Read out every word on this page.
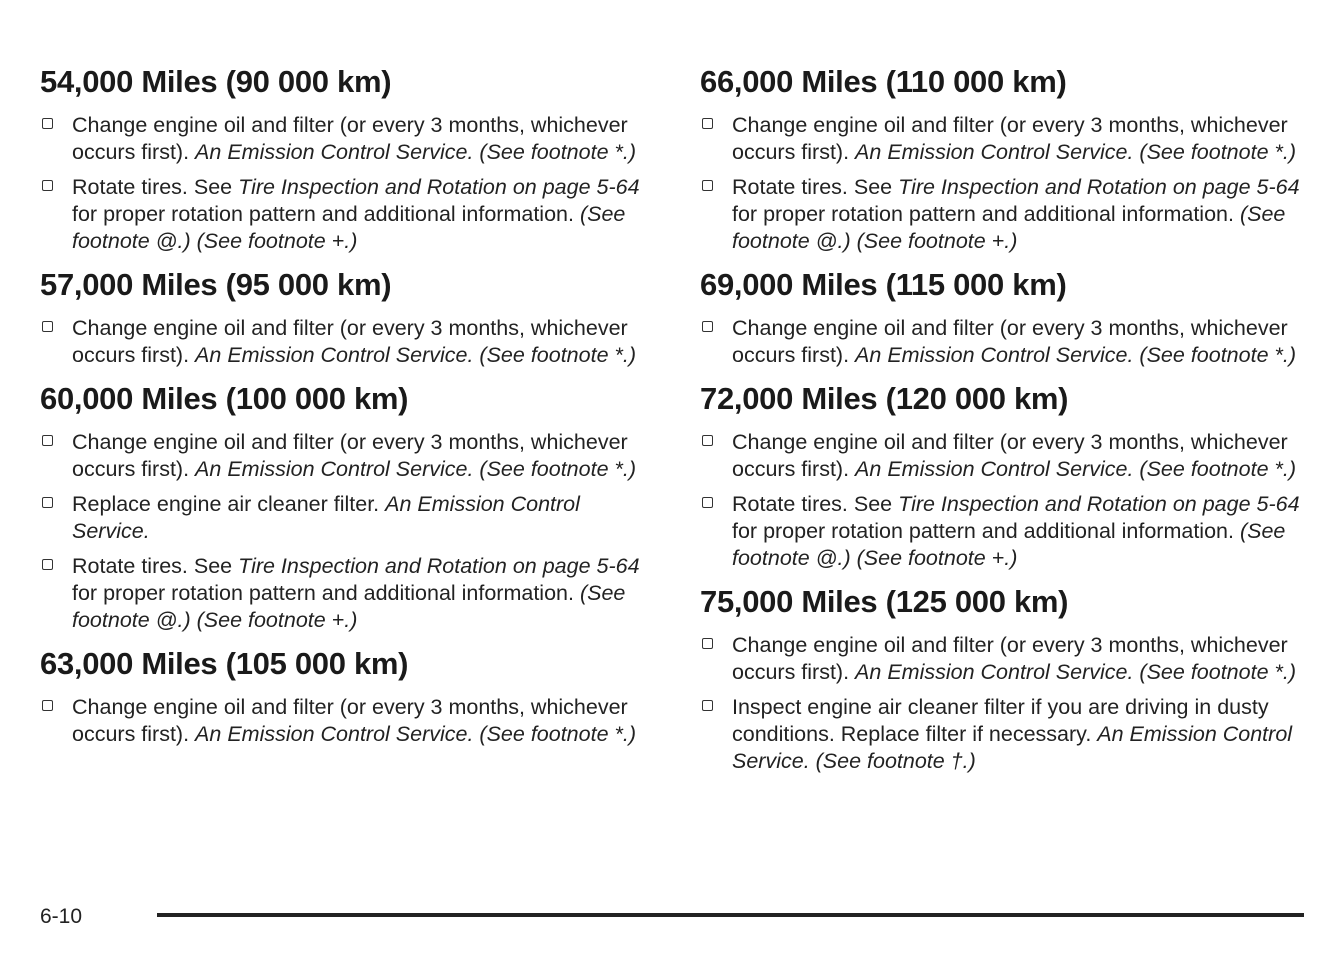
54,000 Miles (90 000 km)
Change engine oil and filter (or every 3 months, whichever occurs first). An Emission Control Service. (See footnote *.)
Rotate tires. See Tire Inspection and Rotation on page 5-64 for proper rotation pattern and additional information. (See footnote @.) (See footnote +.)
57,000 Miles (95 000 km)
Change engine oil and filter (or every 3 months, whichever occurs first). An Emission Control Service. (See footnote *.)
60,000 Miles (100 000 km)
Change engine oil and filter (or every 3 months, whichever occurs first). An Emission Control Service. (See footnote *.)
Replace engine air cleaner filter. An Emission Control Service.
Rotate tires. See Tire Inspection and Rotation on page 5-64 for proper rotation pattern and additional information. (See footnote @.) (See footnote +.)
63,000 Miles (105 000 km)
Change engine oil and filter (or every 3 months, whichever occurs first). An Emission Control Service. (See footnote *.)
66,000 Miles (110 000 km)
Change engine oil and filter (or every 3 months, whichever occurs first). An Emission Control Service. (See footnote *.)
Rotate tires. See Tire Inspection and Rotation on page 5-64 for proper rotation pattern and additional information. (See footnote @.) (See footnote +.)
69,000 Miles (115 000 km)
Change engine oil and filter (or every 3 months, whichever occurs first). An Emission Control Service. (See footnote *.)
72,000 Miles (120 000 km)
Change engine oil and filter (or every 3 months, whichever occurs first). An Emission Control Service. (See footnote *.)
Rotate tires. See Tire Inspection and Rotation on page 5-64 for proper rotation pattern and additional information. (See footnote @.) (See footnote +.)
75,000 Miles (125 000 km)
Change engine oil and filter (or every 3 months, whichever occurs first). An Emission Control Service. (See footnote *.)
Inspect engine air cleaner filter if you are driving in dusty conditions. Replace filter if necessary. An Emission Control Service. (See footnote †.)
6-10
